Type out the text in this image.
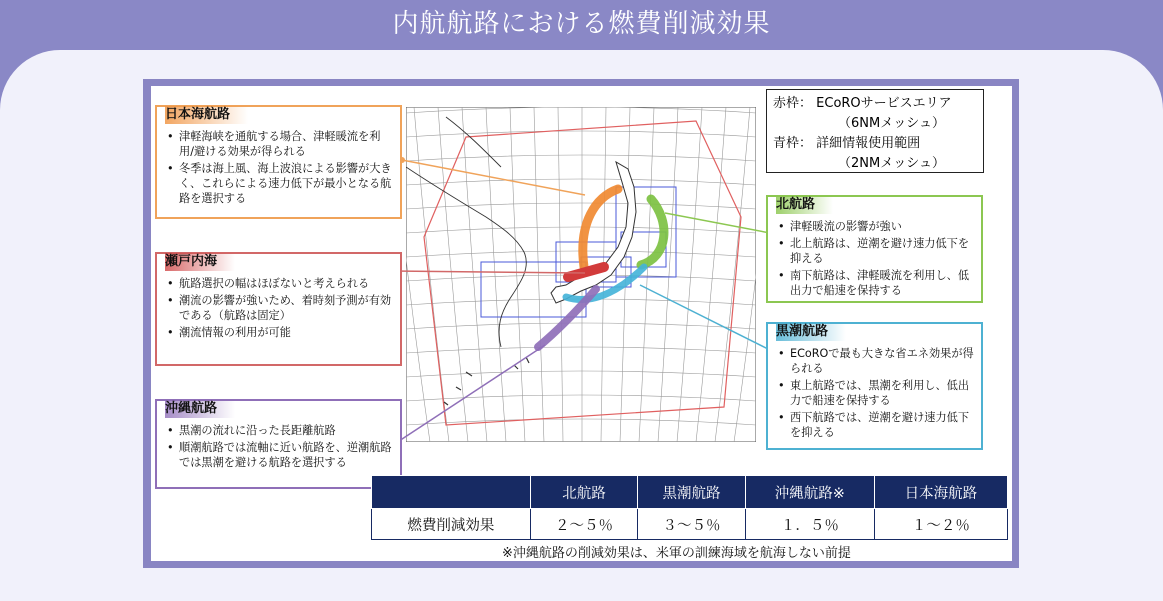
内航航路における燃費削減効果
赤枠： ECoROサービスエリア
（6NMメッシュ）
青枠： 詳細情報使用範囲
（2NMメッシュ）
日本海航路
• 津軽海峡を通航する場合、津軽暖流を利用/避ける効果が得られる
• 冬季は海上風、海上波浪による影響が大きく、これらによる速力低下が最小となる航路を選択する
瀬戸内海
• 航路選択の幅はほぼないと考えられる
• 潮流の影響が強いため、着時刻予測が有効である（航路は固定）
• 潮流情報の利用が可能
沖縄航路
• 黒潮の流れに沿った長距離航路
• 順潮航路では流軸に近い航路を、逆潮航路では黒潮を避ける航路を選択する
北航路
• 津軽暖流の影響が強い
• 北上航路は、逆潮を避け速力低下を抑える
• 南下航路は、津軽暖流を利用し、低出力で船速を保持する
黒潮航路
• ECoROで最も大きな省エネ効果が得られる
• 東上航路では、黒潮を利用し、低出力で船速を保持する
• 西下航路では、逆潮を避け速力低下を抑える
	北航路	黒潮航路	沖縄航路※	日本海航路
燃費削減効果	２～５％	３～５％	１．５％	１～２％
※沖縄航路の削減効果は、米軍の訓練海域を航海しない前提
